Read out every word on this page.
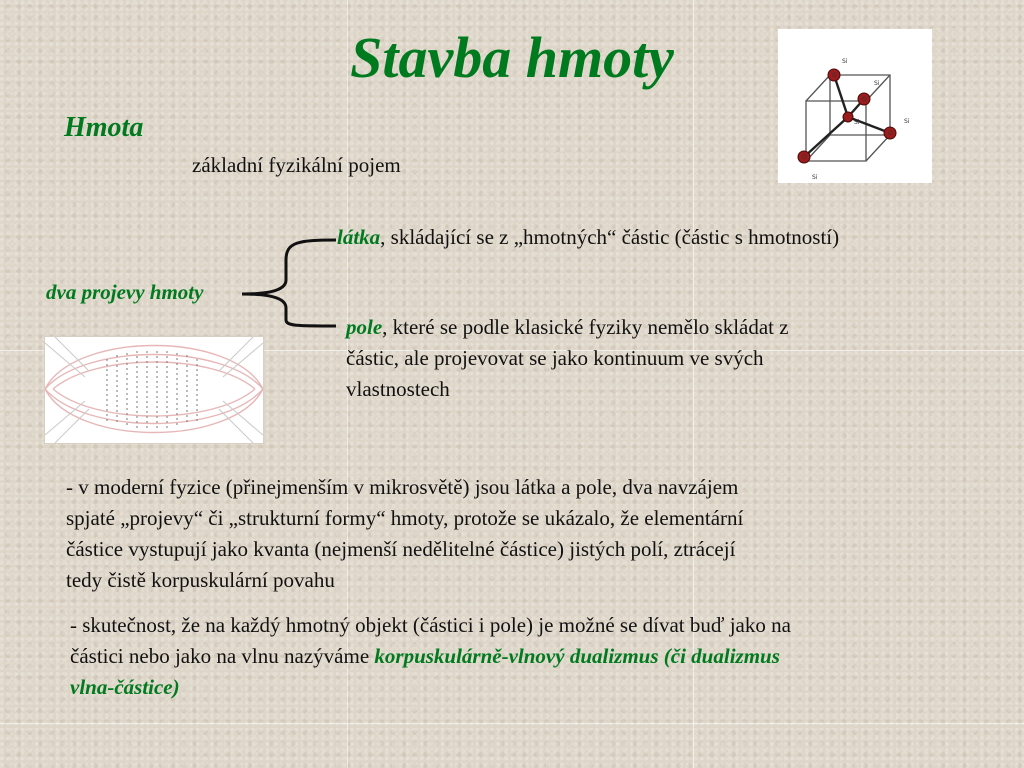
Stavba hmoty
Hmota
základní fyzikální pojem
Si
Si
Si
Si
Si
O
O
O
O
látka, skládající se z „hmotných“ částic (částic s hmotností)
dva projevy hmoty
pole, které se podle klasické fyziky nemělo skládat z
částic, ale projevovat se jako kontinuum ve svých
vlastnostech
- v moderní fyzice (přinejmenším v mikrosvětě) jsou látka a pole, dva navzájem
spjaté „projevy“ či „strukturní formy“ hmoty, protože se ukázalo, že elementární
částice vystupují jako kvanta (nejmenší nedělitelné částice) jistých polí, ztrácejí
tedy čistě korpuskulární povahu
- skutečnost, že na každý hmotný objekt (částici i pole) je možné se dívat buď jako na
částici nebo jako na vlnu nazýváme korpuskulárně-vlnový dualizmus (či dualizmus
vlna-částice)
